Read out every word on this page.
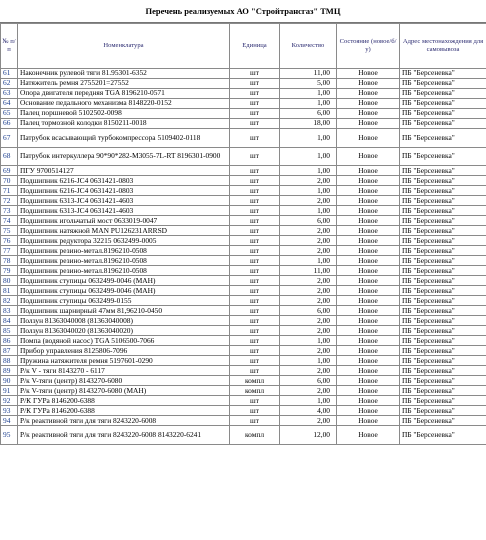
Перечень реализуемых АО "Стройтрансгаз" ТМЦ
№ п/п	Номенклатура	Единица	Количество	Состояние (новое/б/у)	Адрес местонахождения для самовывоза
61	Наконечник рулевой тяги 81.95301-6352	шт	11,00	Новое	ПБ "Берсеневка"
62	Натяжитель ремня 2755201=27552	шт	5,00	Новое	ПБ "Берсеневка"
63	Опора двигателя передняя TGA 8196210-0571	шт	1,00	Новое	ПБ "Берсеневка"
64	Основание педального механизма 8148220-0152	шт	1,00	Новое	ПБ "Берсеневка"
65	Палец поршневой 5102502-0098	шт	6,00	Новое	ПБ "Берсеневка"
66	Палец тормозной колодки 8150211-0018	шт	18,00	Новое	ПБ "Берсеневка"
67	Патрубок всасывающий турбокомпрессора 5109402-0118	шт	1,00	Новое	ПБ "Берсеневка"
68	Патрубок интеркуллера 90*90*282-М3055-7L-RT 8196301-0900	шт	1,00	Новое	ПБ "Берсеневка"
69	ПГУ 9700514127	шт	1,00	Новое	ПБ "Берсеневка"
70	Подшипник 6216-JC4 0631421-0803	шт	2,00	Новое	ПБ "Берсеневка"
71	Подшипник 6216-JC4 0631421-0803	шт	1,00	Новое	ПБ "Берсеневка"
72	Подшипник 6313-JC4 0631421-4603	шт	2,00	Новое	ПБ "Берсеневка"
73	Подшипник 6313-JC4 0631421-4603	шт	1,00	Новое	ПБ "Берсеневка"
74	Подшипник игольчатый мост 0633019-0047	шт	6,00	Новое	ПБ "Берсеневка"
75	Подшипник натяжной MAN PU126231ARRSD	шт	2,00	Новое	ПБ "Берсеневка"
76	Подшипник редуктора 32215 0632499-0005	шт	2,00	Новое	ПБ "Берсеневка"
77	Подшипник резино-метал.8196210-0508	шт	2,00	Новое	ПБ "Берсеневка"
78	Подшипник резино-метал.8196210-0508	шт	1,00	Новое	ПБ "Берсеневка"
79	Подшипник резино-метал.8196210-0508	шт	11,00	Новое	ПБ "Берсеневка"
80	Подшипник ступицы 0632499-0046 (MAH)	шт	2,00	Новое	ПБ "Берсеневка"
81	Подшипник ступицы 0632499-0046 (MAH)	шт	2,00	Новое	ПБ "Берсеневка"
82	Подшипник ступицы 0632499-0155	шт	2,00	Новое	ПБ "Берсеневка"
83	Подшипник шарнирный 47мм 81,96210-0450	шт	6,00	Новое	ПБ "Берсеневка"
84	Ползун 81363040008 (81363040008)	шт	2,00	Новое	ПБ "Берсеневка"
85	Ползун 81363040020 (81363040020)	шт	2,00	Новое	ПБ "Берсеневка"
86	Помпа (водяной насос) TGA 5106500-7066	шт	1,00	Новое	ПБ "Берсеневка"
87	Прибор управления 8125806-7096	шт	2,00	Новое	ПБ "Берсеневка"
88	Пружина натяжителя ремня 5197601-0290	шт	1,00	Новое	ПБ "Берсеневка"
89	Р/к V - тяги 8143270 - 6117	шт	2,00	Новое	ПБ "Берсеневка"
90	Р/к V-тяги (центр) 8143270-6080	компл	6,00	Новое	ПБ "Берсеневка"
91	Р/к V-тяги (центр) 8143270-6080 (MAH)	компл	2,00	Новое	ПБ "Берсеневка"
92	Р/К ГУРа 8146200-6388	шт	1,00	Новое	ПБ "Берсеневка"
93	Р/К ГУРа 8146200-6388	шт	4,00	Новое	ПБ "Берсеневка"
94	Р/к реактивной тяги для тяги 8243220-6008	шт	2,00	Новое	ПБ "Берсеневка"
95	Р/к реактивной тяги для тяги 8243220-6008 8143220-6241	компл	12,00	Новое	ПБ "Берсеневка"
